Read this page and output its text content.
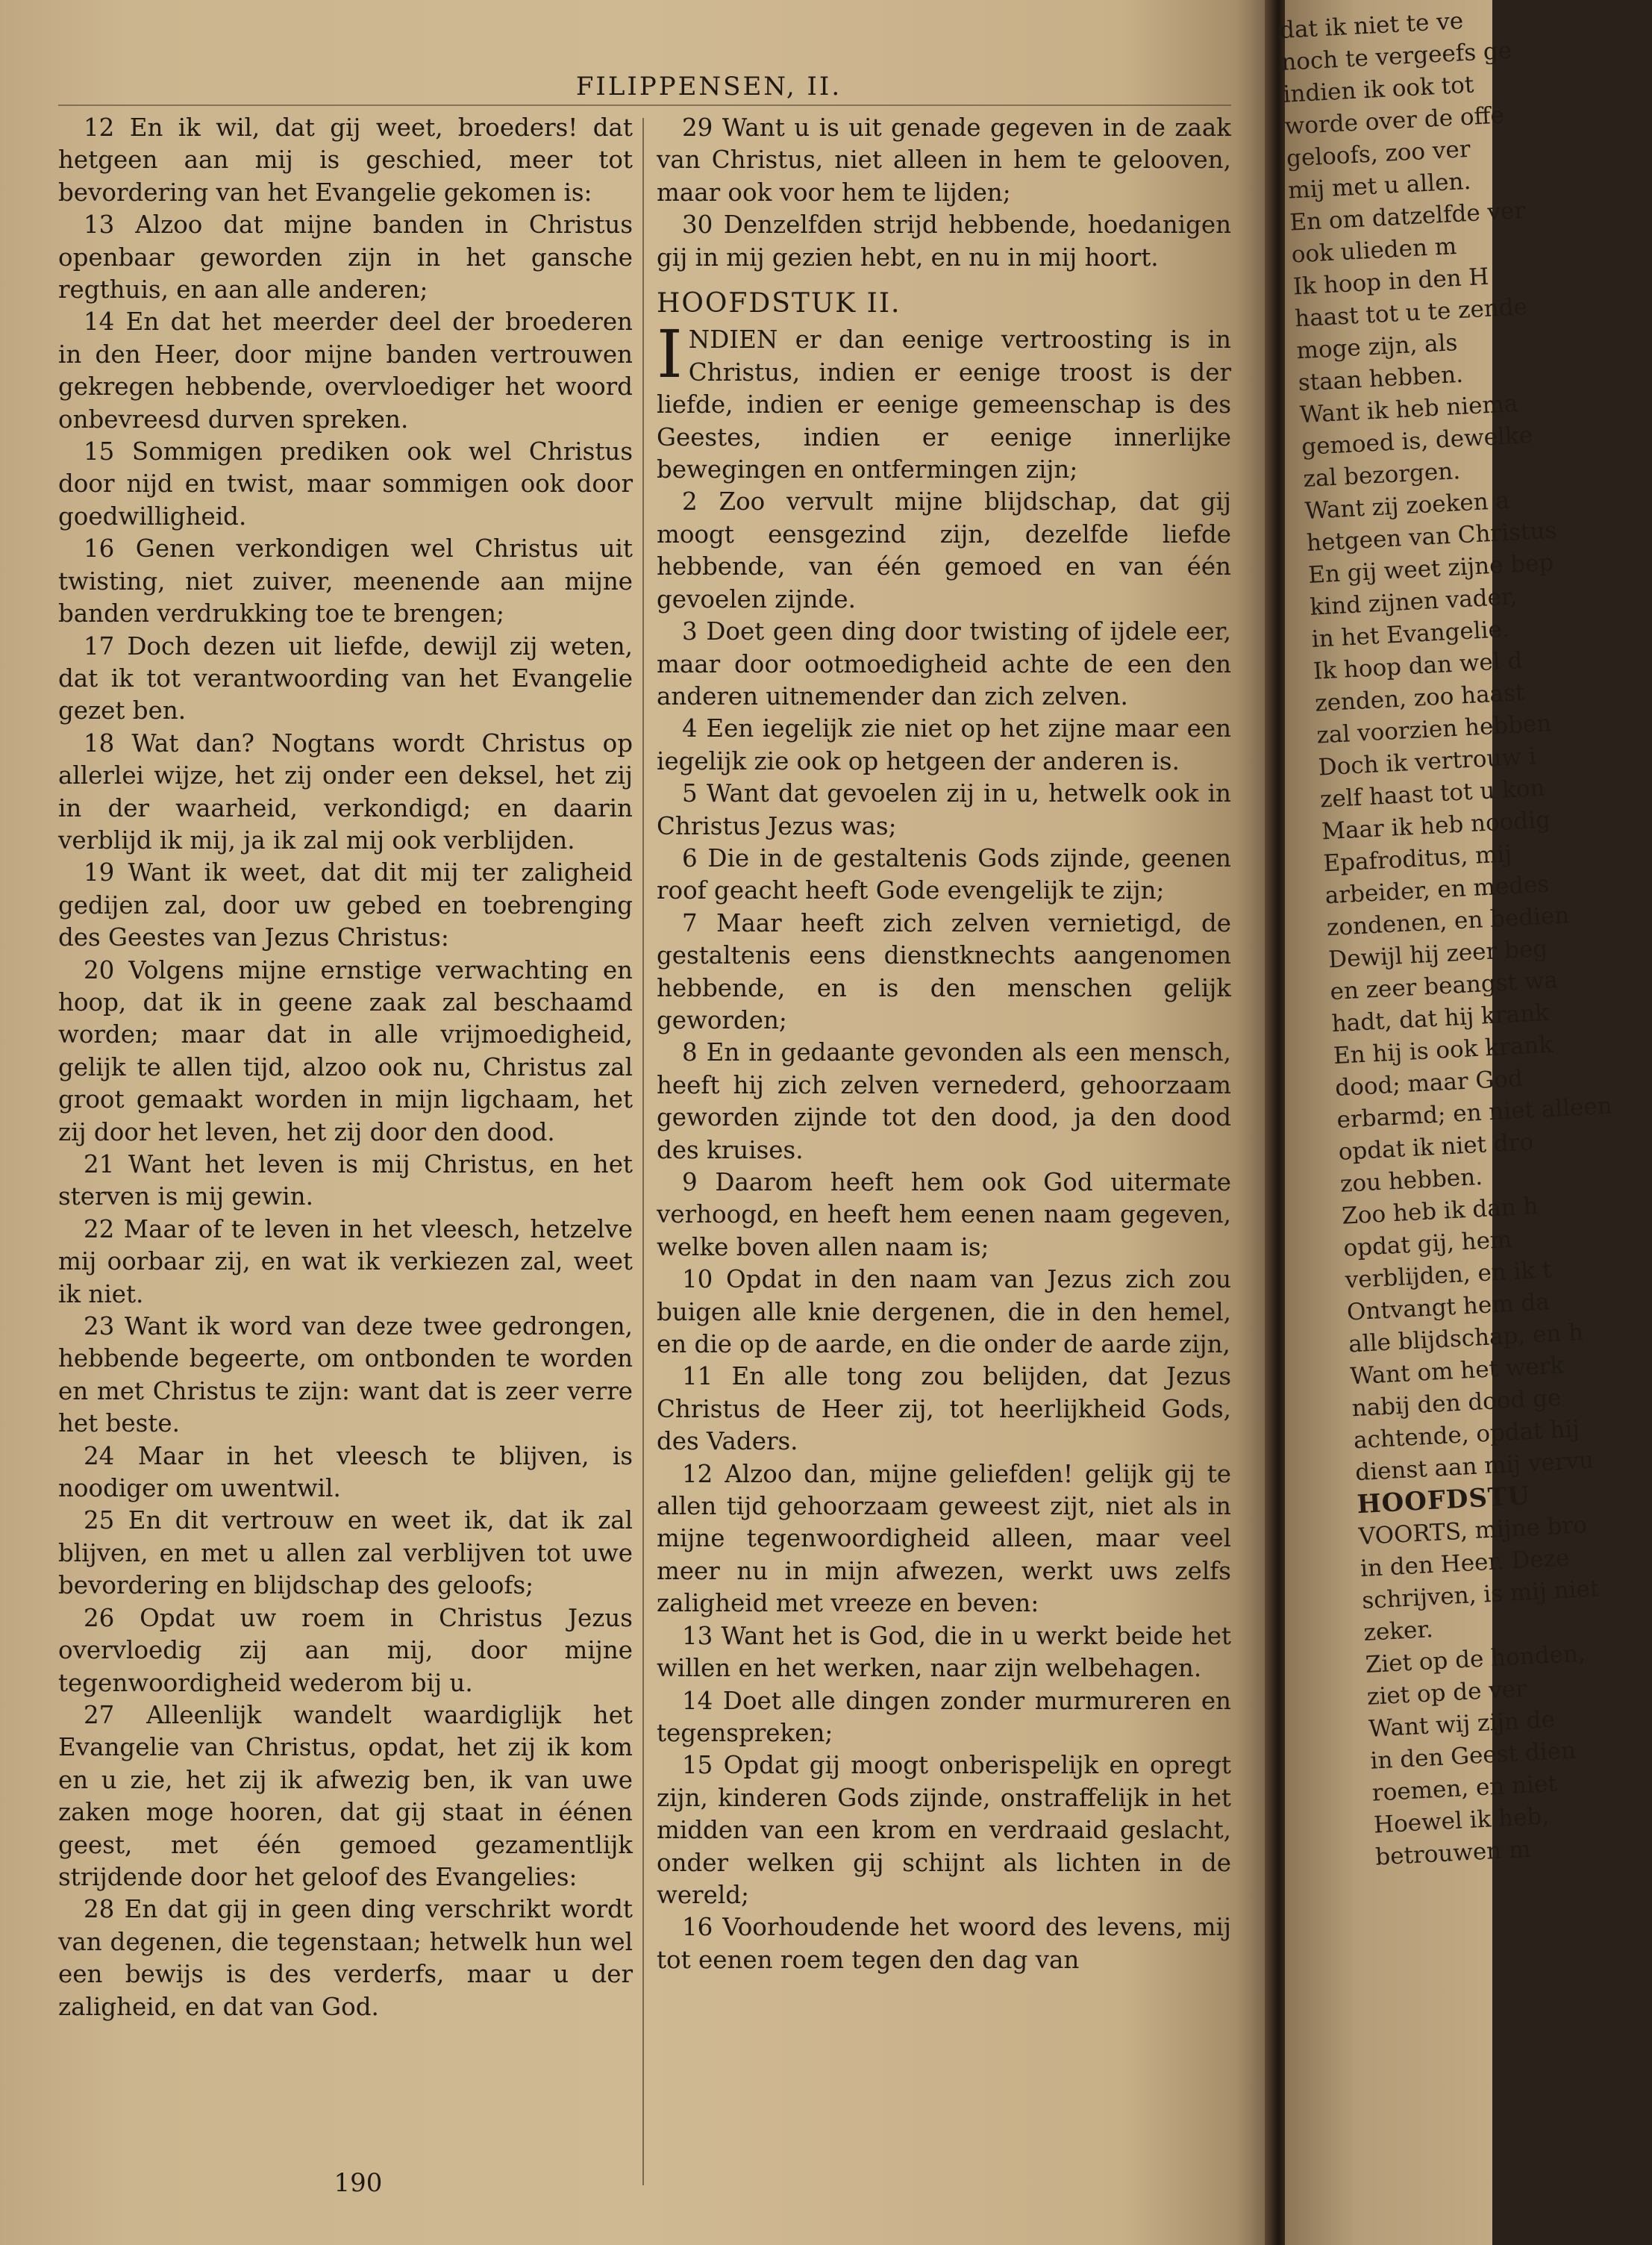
FILIPPENSEN, II.

12 En ik wil, dat gij weet, broeders! dat hetgeen aan mij is geschied, meer tot bevordering van het Evangelie gekomen is:

13 Alzoo dat mijne banden in Christus openbaar geworden zijn in het gansche regthuis, en aan alle anderen;

14 En dat het meerder deel der broederen in den Heer, door mijne banden vertrouwen gekregen hebbende, overvloediger het woord onbevreesd durven spreken.

15 Sommigen prediken ook wel Christus door nijd en twist, maar sommigen ook door goedwilligheid.

16 Genen verkondigen wel Christus uit twisting, niet zuiver, meenende aan mijne banden verdrukking toe te brengen;

17 Doch dezen uit liefde, dewijl zij weten, dat ik tot verantwoording van het Evangelie gezet ben.

18 Wat dan? Nogtans wordt Christus op allerlei wijze, het zij onder een deksel, het zij in der waarheid, verkondigd; en daarin verblijd ik mij, ja ik zal mij ook verblijden.

19 Want ik weet, dat dit mij ter zaligheid gedijen zal, door uw gebed en toebrenging des Geestes van Jezus Christus:

20 Volgens mijne ernstige verwachting en hoop, dat ik in geene zaak zal beschaamd worden; maar dat in alle vrijmoedigheid, gelijk te allen tijd, alzoo ook nu, Christus zal groot gemaakt worden in mijn ligchaam, het zij door het leven, het zij door den dood.

21 Want het leven is mij Christus, en het sterven is mij gewin.

22 Maar of te leven in het vleesch, hetzelve mij oorbaar zij, en wat ik verkiezen zal, weet ik niet.

23 Want ik word van deze twee gedrongen, hebbende begeerte, om ontbonden te worden en met Christus te zijn: want dat is zeer verre het beste.

24 Maar in het vleesch te blijven, is noodiger om uwentwil.

25 En dit vertrouw en weet ik, dat ik zal blijven, en met u allen zal verblijven tot uwe bevordering en blijdschap des geloofs;

26 Opdat uw roem in Christus Jezus overvloedig zij aan mij, door mijne tegenwoordigheid wederom bij u.

27 Alleenlijk wandelt waardiglijk het Evangelie van Christus, opdat, het zij ik kom en u zie, het zij ik afwezig ben, ik van uwe zaken moge hooren, dat gij staat in éénen geest, met één gemoed gezamentlijk strijdende door het geloof des Evangelies:

28 En dat gij in geen ding verschrikt wordt van degenen, die tegenstaan; hetwelk hun wel een bewijs is des verderfs, maar u der zaligheid, en dat van God.

29 Want u is uit genade gegeven in de zaak van Christus, niet alleen in hem te gelooven, maar ook voor hem te lijden;

30 Denzelfden strijd hebbende, hoedanigen gij in mij gezien hebt, en nu in mij hoort.

HOOFDSTUK II.

INDIEN er dan eenige vertroosting is in Christus, indien er eenige troost is der liefde, indien er eenige gemeenschap is des Geestes, indien er eenige innerlijke bewegingen en ontfermingen zijn;

2 Zoo vervult mijne blijdschap, dat gij moogt eensgezind zijn, dezelfde liefde hebbende, van één gemoed en van één gevoelen zijnde.

3 Doet geen ding door twisting of ijdele eer, maar door ootmoedigheid achte de een den anderen uitnemender dan zich zelven.

4 Een iegelijk zie niet op het zijne maar een iegelijk zie ook op hetgeen der anderen is.

5 Want dat gevoelen zij in u, hetwelk ook in Christus Jezus was;

6 Die in de gestaltenis Gods zijnde, geenen roof geacht heeft Gode evengelijk te zijn;

7 Maar heeft zich zelven vernietigd, de gestaltenis eens dienstknechts aangenomen hebbende, en is den menschen gelijk geworden;

8 En in gedaante gevonden als een mensch, heeft hij zich zelven vernederd, gehoorzaam geworden zijnde tot den dood, ja den dood des kruises.

9 Daarom heeft hem ook God uitermate verhoogd, en heeft hem eenen naam gegeven, welke boven allen naam is;

10 Opdat in den naam van Jezus zich zou buigen alle knie dergenen, die in den hemel, en die op de aarde, en die onder de aarde zijn,

11 En alle tong zou belijden, dat Jezus Christus de Heer zij, tot heerlijkheid Gods, des Vaders.

12 Alzoo dan, mijne geliefden! gelijk gij te allen tijd gehoorzaam geweest zijt, niet als in mijne tegenwoordigheid alleen, maar veel meer nu in mijn afwezen, werkt uws zelfs zaligheid met vreeze en beven:

13 Want het is God, die in u werkt beide het willen en het werken, naar zijn welbehagen.

14 Doet alle dingen zonder murmureren en tegenspreken;

15 Opdat gij moogt onberispelijk en opregt zijn, kinderen Gods zijnde, onstraffelijk in het midden van een krom en verdraaid geslacht, onder welken gij schijnt als lichten in de wereld;

16 Voorhoudende het woord des levens, mij tot eenen roem tegen den dag van

190
dat ik niet te ve
noch te vergeefs ge
indien ik ook tot
worde over de offe
geloofs, zoo ver
mij met u allen.
En om datzelfde ver
ook ulieden m
Ik hoop in den H
haast tot u te zende
moge zijn, als
staan hebben.
Want ik heb niema
gemoed is, dewelke
zal bezorgen.
Want zij zoeken a
hetgeen van Christus
En gij weet zijne bep
kind zijnen vader,
in het Evangelie.
Ik hoop dan wel d
zenden, zoo haast
zal voorzien hebben
Doch ik vertrouw i
zelf haast tot u kon
Maar ik heb noodig
Epafroditus, mij
arbeider, en medes
zondenen, en bedien
Dewijl hij zeer beg
en zeer beangst wa
hadt, dat hij krank
En hij is ook krank
dood; maar God
erbarmd; en niet alleen
opdat ik niet dro
zou hebben.
Zoo heb ik dan h
opdat gij, hem
verblijden, en ik t
Ontvangt hem da
alle blijdschap, en h
Want om het werk
nabij den dood ge
achtende, opdat hij
dienst aan mij vervu
HOOFDSTU
VOORTS, mijne bro
in den Heer. Deze
schrijven, is mij niet
zeker.
Ziet op de honden,
ziet op de ver
Want wij zijn de
in den Geest dien
roemen, en niet
Hoewel ik heb,
betrouwen m
